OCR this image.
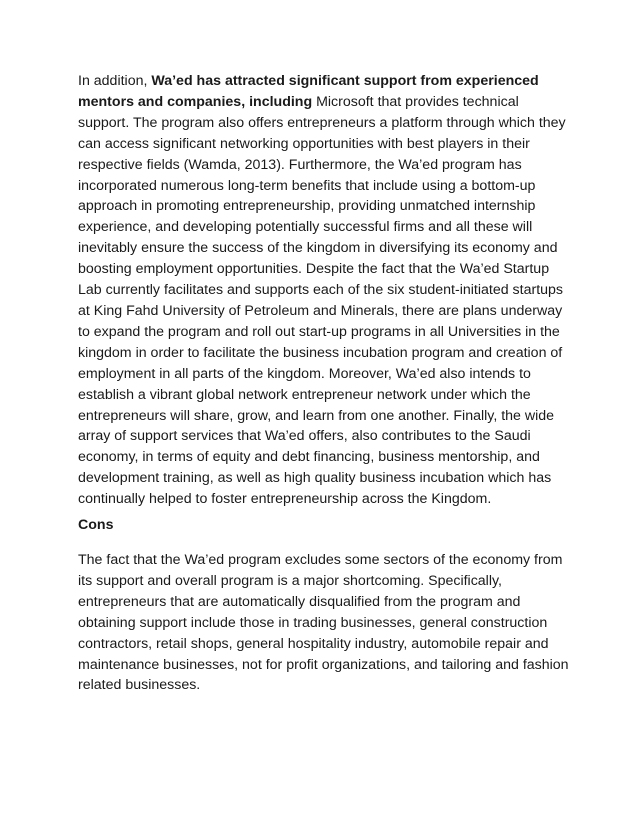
In addition, Wa’ed has attracted significant support from experienced mentors and companies, including Microsoft that provides technical support. The program also offers entrepreneurs a platform through which they can access significant networking opportunities with best players in their respective fields (Wamda, 2013). Furthermore, the Wa’ed program has incorporated numerous long-term benefits that include using a bottom-up approach in promoting entrepreneurship, providing unmatched internship experience, and developing potentially successful firms and all these will inevitably ensure the success of the kingdom in diversifying its economy and boosting employment opportunities. Despite the fact that the Wa’ed Startup Lab currently facilitates and supports each of the six student-initiated startups at King Fahd University of Petroleum and Minerals, there are plans underway to expand the program and roll out start-up programs in all Universities in the kingdom in order to facilitate the business incubation program and creation of employment in all parts of the kingdom. Moreover, Wa’ed also intends to establish a vibrant global network entrepreneur network under which the entrepreneurs will share, grow, and learn from one another. Finally, the wide array of support services that Wa’ed offers, also contributes to the Saudi economy, in terms of equity and debt financing, business mentorship, and development training, as well as high quality business incubation which has continually helped to foster entrepreneurship across the Kingdom.

Cons

The fact that the Wa’ed program excludes some sectors of the economy from its support and overall program is a major shortcoming. Specifically, entrepreneurs that are automatically disqualified from the program and obtaining support include those in trading businesses, general construction contractors, retail shops, general hospitality industry, automobile repair and maintenance businesses, not for profit organizations, and tailoring and fashion related businesses.
